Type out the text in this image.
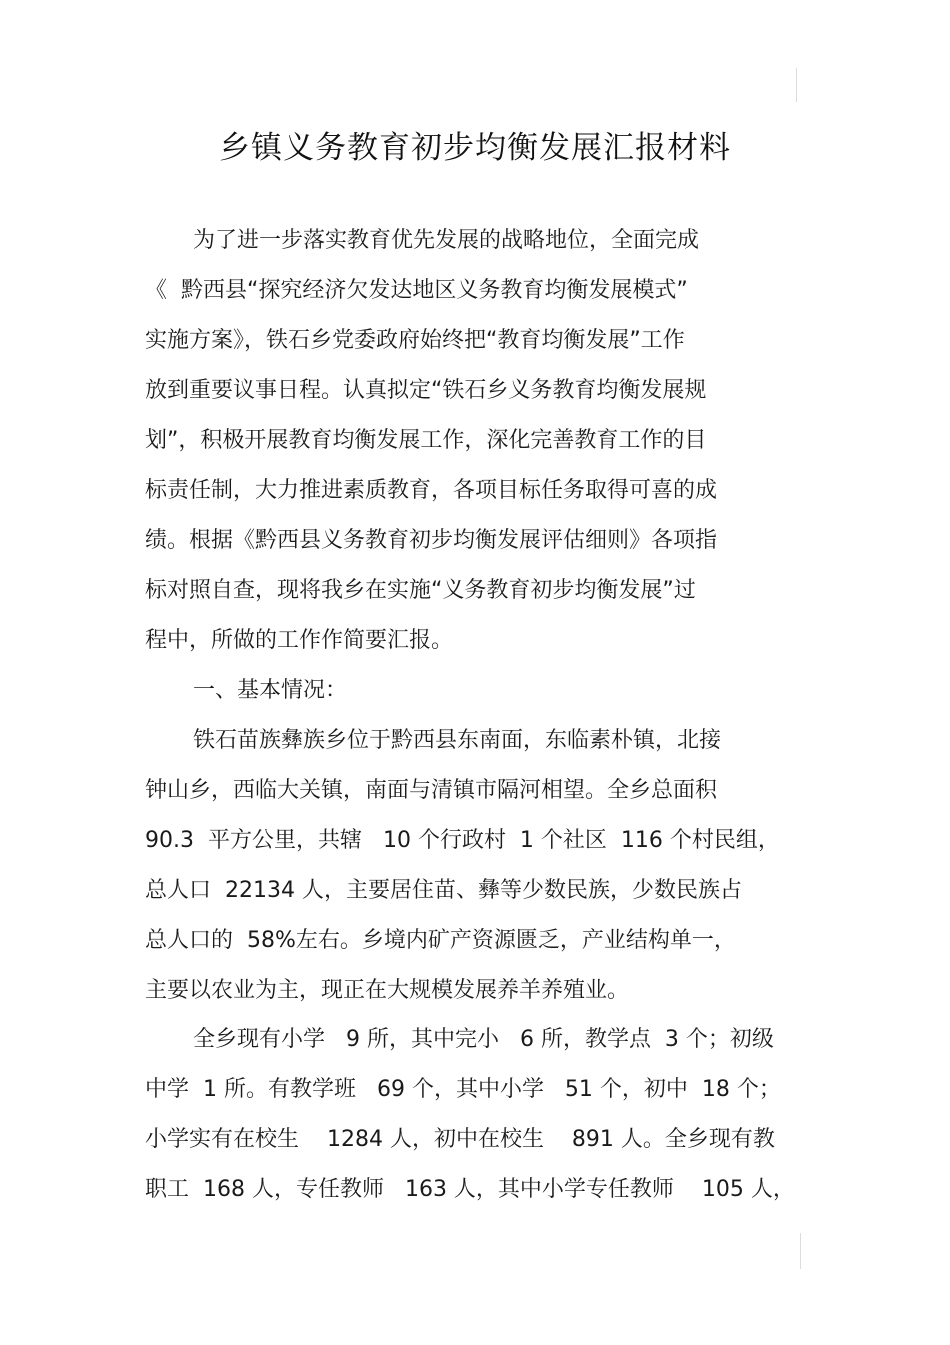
乡镇义务教育初步均衡发展汇报材料
为了进一步落实教育优先发展的战略地位，全面完成
《  黔西县“探究经济欠发达地区义务教育均衡发展模式”
实施方案》，铁石乡党委政府始终把“教育均衡发展”工作
放到重要议事日程。认真拟定“铁石乡义务教育均衡发展规
划”，积极开展教育均衡发展工作，深化完善教育工作的目
标责任制，大力推进素质教育，各项目标任务取得可喜的成
绩。根据《黔西县义务教育初步均衡发展评估细则》各项指
标对照自查，现将我乡在实施“义务教育初步均衡发展”过
程中，所做的工作作简要汇报。
一、基本情况：
铁石苗族彝族乡位于黔西县东南面，东临素朴镇，北接
钟山乡，西临大关镇，南面与清镇市隔河相望。全乡总面积
90.3  平方公里，共辖   10 个行政村  1 个社区  116 个村民组，
总人口  22134 人，主要居住苗、彝等少数民族，少数民族占
总人口的  58%左右。乡境内矿产资源匮乏，产业结构单一，
主要以农业为主，现正在大规模发展养羊养殖业。
全乡现有小学   9 所，其中完小   6 所，教学点  3 个；初级
中学  1 所。有教学班   69 个，其中小学   51 个，初中  18 个；
小学实有在校生    1284 人，初中在校生    891 人。全乡现有教
职工  168 人，专任教师   163 人，其中小学专任教师    105 人，
